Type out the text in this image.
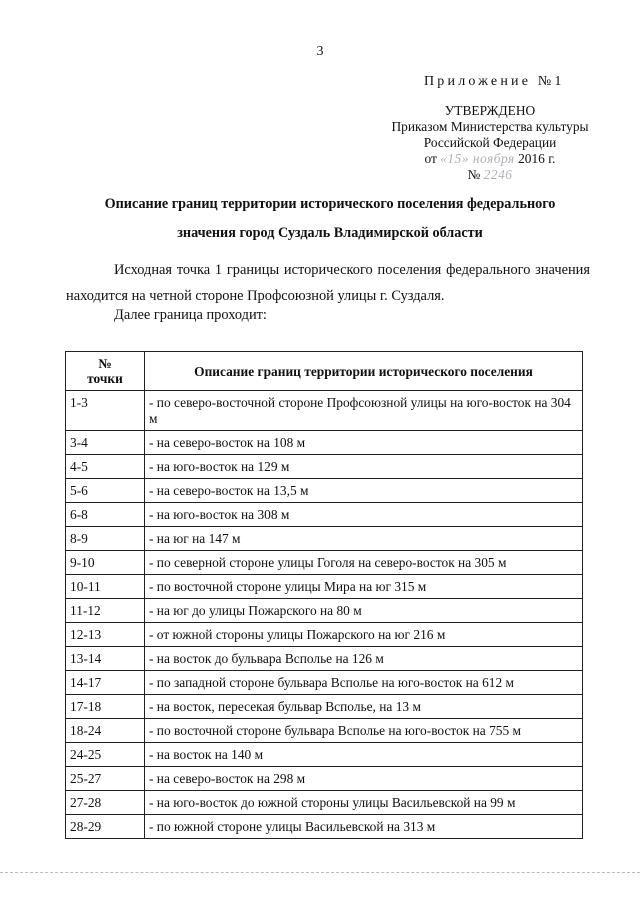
3
Приложение №1
УТВЕРЖДЕНО
Приказом Министерства культуры
Российской Федерации
от «15» ноября 2016 г.
№ 2246
Описание границ территории исторического поселения федерального
значения город Суздаль Владимирской области
Исходная точка 1 границы исторического поселения федерального значения находится на четной стороне Профсоюзной улицы г. Суздаля.
Далее граница проходит:
№
точки	Описание границ территории исторического поселения
1-3	- по северо-восточной стороне Профсоюзной улицы на юго-восток на 304 м
3-4	- на северо-восток на 108 м
4-5	- на юго-восток на 129 м
5-6	- на северо-восток на 13,5 м
6-8	- на юго-восток на 308 м
8-9	- на юг на 147 м
9-10	- по северной стороне улицы Гоголя на северо-восток на 305 м
10-11	- по восточной стороне улицы Мира на юг 315 м
11-12	- на юг до улицы Пожарского на 80 м
12-13	- от южной стороны улицы Пожарского на юг 216 м
13-14	- на восток до бульвара Всполье на 126 м
14-17	- по западной стороне бульвара Всполье на юго-восток на 612 м
17-18	- на восток, пересекая бульвар Всполье, на 13 м
18-24	- по восточной стороне бульвара Всполье на юго-восток на 755 м
24-25	- на восток на 140 м
25-27	- на северо-восток на 298 м
27-28	- на юго-восток до южной стороны улицы Васильевской на 99 м
28-29	- по южной стороне улицы Васильевской на 313 м
